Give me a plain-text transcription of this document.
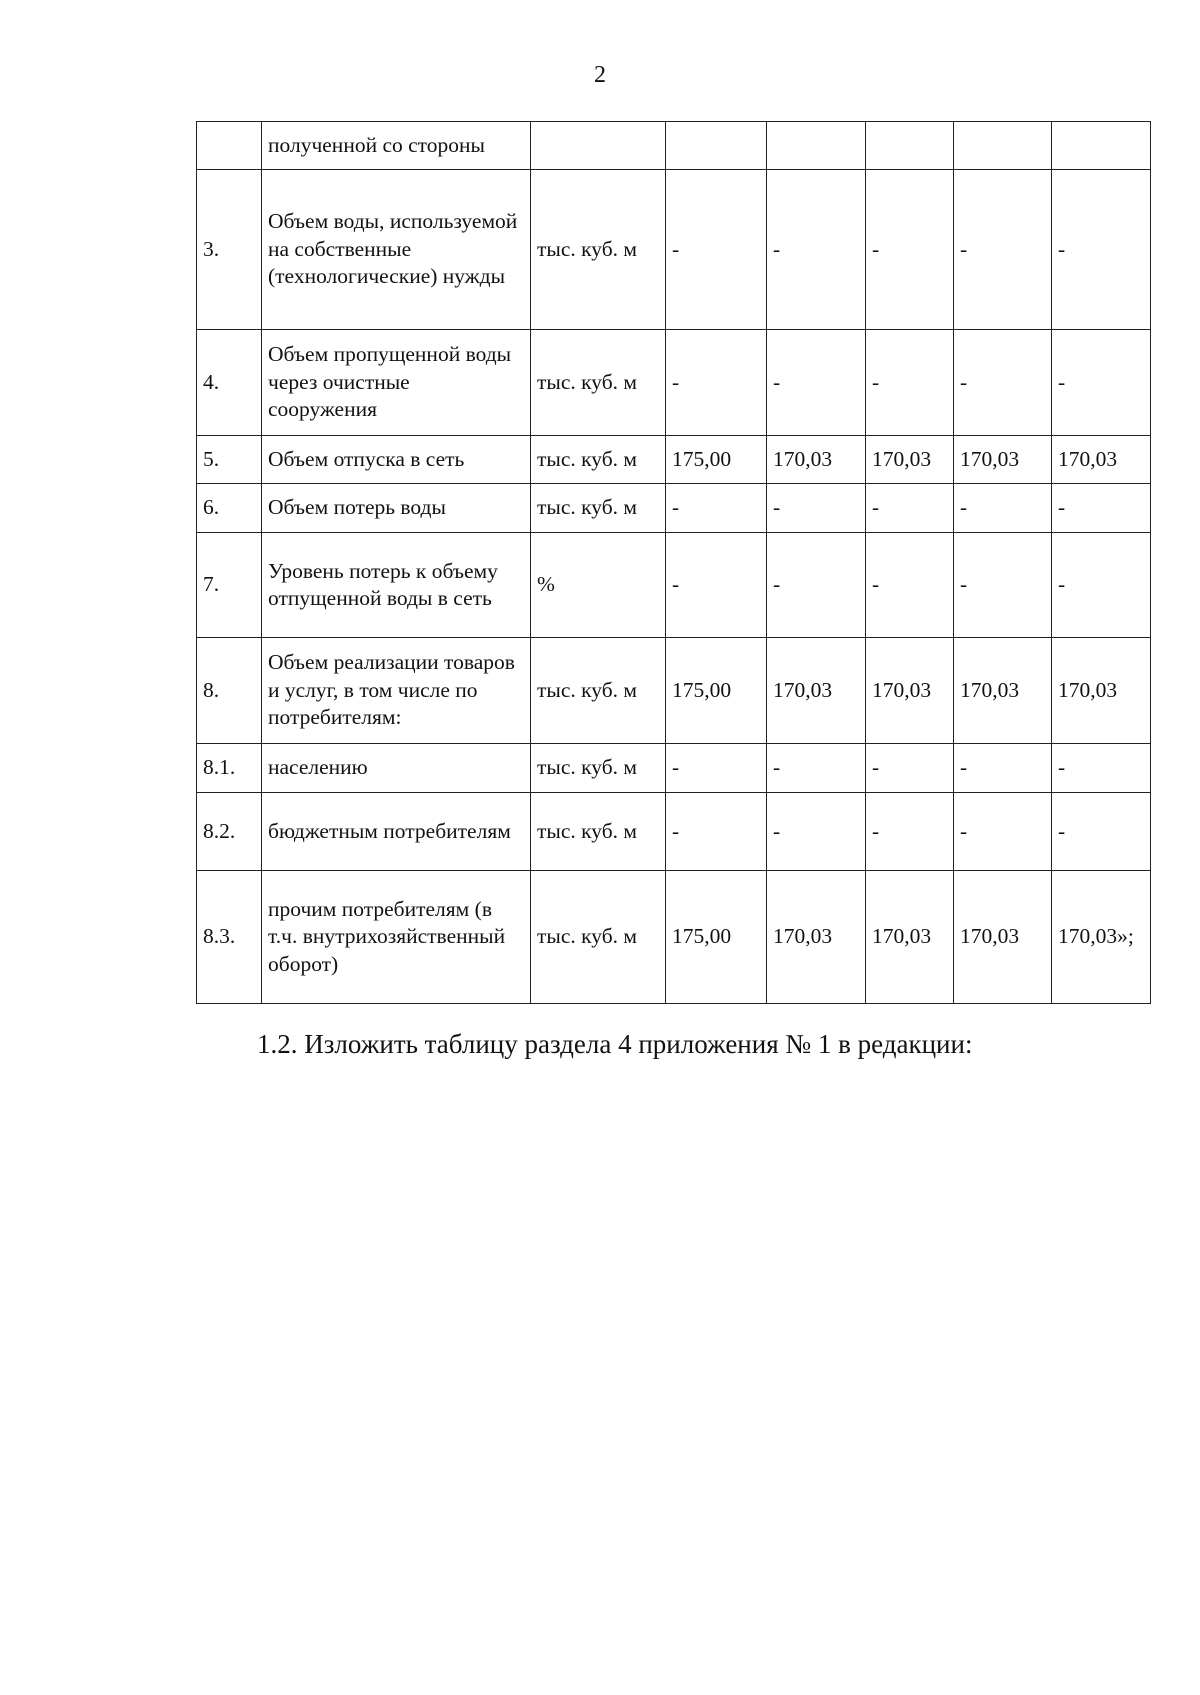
2
	полученной со стороны						
3.	Объем воды, используемой на собственные (технологические) нужды	тыс. куб. м	-	-	-	-	-
4.	Объем пропущенной воды через очистные сооружения	тыс. куб. м	-	-	-	-	-
5.	Объем отпуска в сеть	тыс. куб. м	175,00	170,03	170,03	170,03	170,03
6.	Объем потерь воды	тыс. куб. м	-	-	-	-	-
7.	Уровень потерь к объему отпущенной воды в сеть	%	-	-	-	-	-
8.	Объем реализации товаров и услуг, в том числе по потребителям:	тыс. куб. м	175,00	170,03	170,03	170,03	170,03
8.1.	населению	тыс. куб. м	-	-	-	-	-
8.2.	бюджетным потребителям	тыс. куб. м	-	-	-	-	-
8.3.	прочим потребителям (в т.ч. внутрихозяйственный оборот)	тыс. куб. м	175,00	170,03	170,03	170,03	170,03»;
1.2. Изложить таблицу раздела 4 приложения № 1 в редакции:
